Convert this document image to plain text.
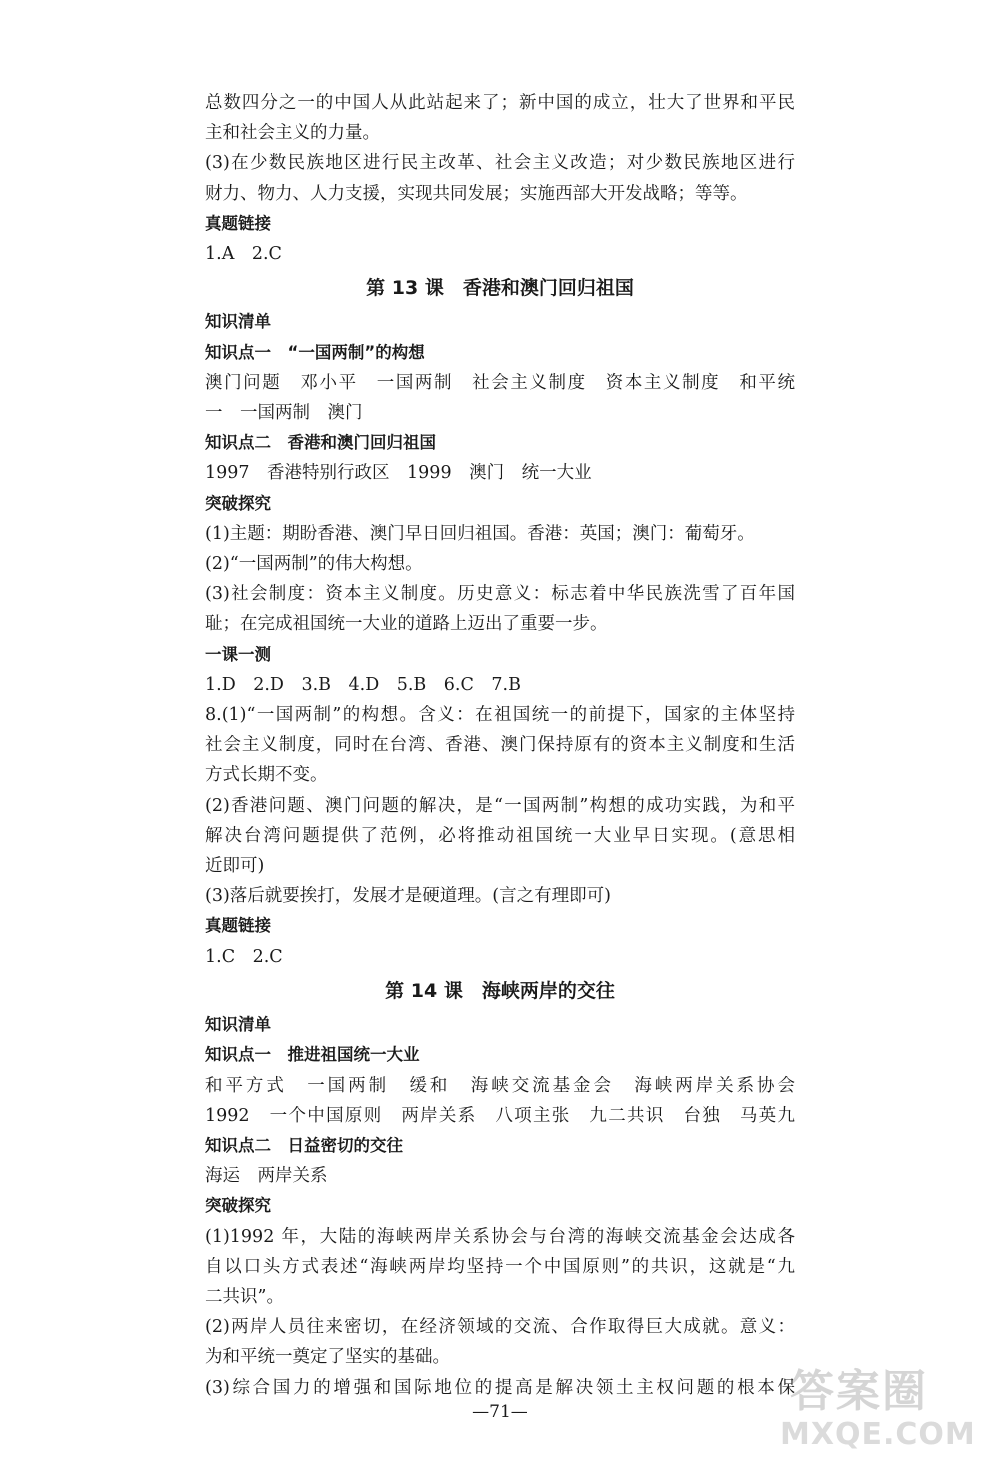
总数四分之一的中国人从此站起来了；新中国的成立，壮大了世界和平民
主和社会主义的力量。
(3)在少数民族地区进行民主改革、社会主义改造；对少数民族地区进行
财力、物力、人力支援，实现共同发展；实施西部大开发战略；等等。
真题链接
1.A　2.C
第 13 课　香港和澳门回归祖国
知识清单
知识点一　“一国两制”的构想
澳门问题　邓小平　一国两制　社会主义制度　资本主义制度　和平统
一　一国两制　澳门
知识点二　香港和澳门回归祖国
1997　香港特别行政区　1999　澳门　统一大业
突破探究
(1)主题：期盼香港、澳门早日回归祖国。香港：英国；澳门：葡萄牙。
(2)“一国两制”的伟大构想。
(3)社会制度：资本主义制度。历史意义：标志着中华民族洗雪了百年国
耻；在完成祖国统一大业的道路上迈出了重要一步。
一课一测
1.D　2.D　3.B　4.D　5.B　6.C　7.B
8.(1)“一国两制”的构想。含义：在祖国统一的前提下，国家的主体坚持
社会主义制度，同时在台湾、香港、澳门保持原有的资本主义制度和生活
方式长期不变。
(2)香港问题、澳门问题的解决，是“一国两制”构想的成功实践，为和平
解决台湾问题提供了范例，必将推动祖国统一大业早日实现。(意思相
近即可)
(3)落后就要挨打，发展才是硬道理。(言之有理即可)
真题链接
1.C　2.C
第 14 课　海峡两岸的交往
知识清单
知识点一　推进祖国统一大业
和平方式　一国两制　缓和　海峡交流基金会　海峡两岸关系协会
1992　一个中国原则　两岸关系　八项主张　九二共识　台独　马英九
知识点二　日益密切的交往
海运　两岸关系
突破探究
(1)1992 年，大陆的海峡两岸关系协会与台湾的海峡交流基金会达成各
自以口头方式表述“海峡两岸均坚持一个中国原则”的共识，这就是“九
二共识”。
(2)两岸人员往来密切，在经济领域的交流、合作取得巨大成就。意义：
为和平统一奠定了坚实的基础。
(3)综合国力的增强和国际地位的提高是解决领土主权问题的根本保
—71—	答案圈
MXQE.COM
